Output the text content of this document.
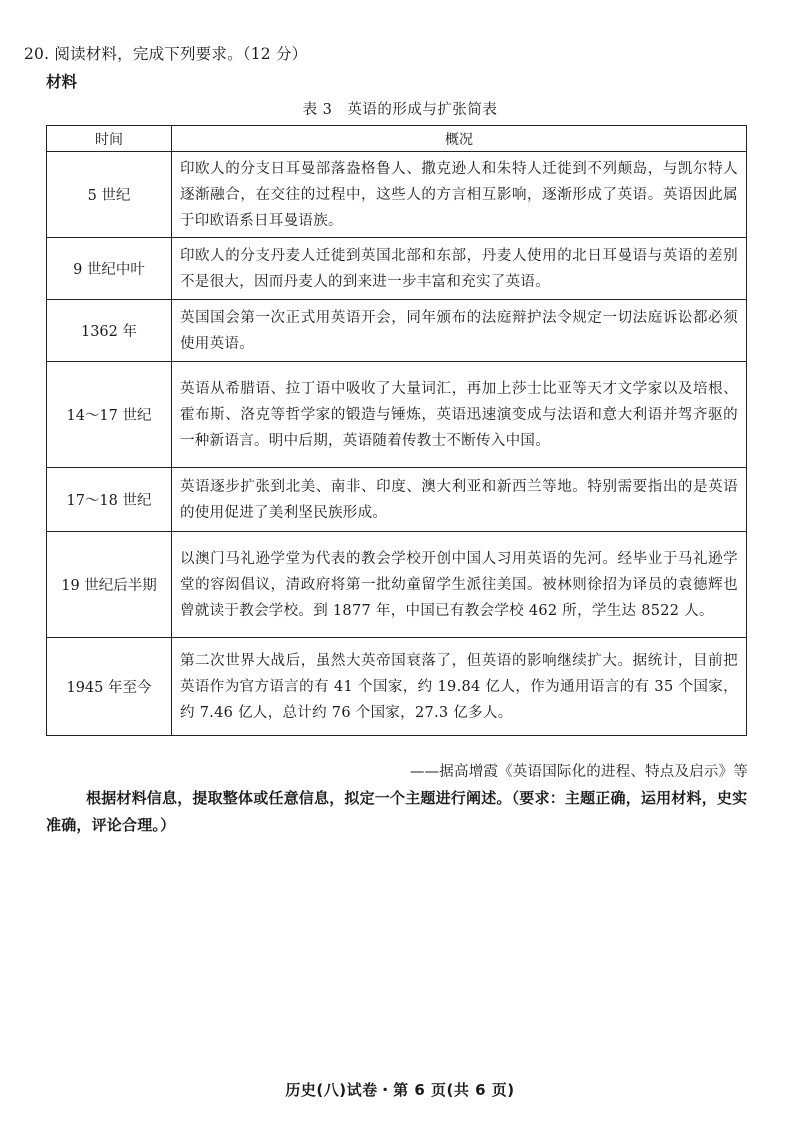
20. 阅读材料，完成下列要求。（12 分）
材料
表 3　英语的形成与扩张简表
时间	概况
5 世纪	印欧人的分支日耳曼部落盎格鲁人、撒克逊人和朱特人迁徙到不列颠岛，与凯尔特人逐渐融合，在交往的过程中，这些人的方言相互影响，逐渐形成了英语。英语因此属于印欧语系日耳曼语族。
9 世纪中叶	印欧人的分支丹麦人迁徙到英国北部和东部，丹麦人使用的北日耳曼语与英语的差别不是很大，因而丹麦人的到来进一步丰富和充实了英语。
1362 年	英国国会第一次正式用英语开会，同年颁布的法庭辩护法令规定一切法庭诉讼都必须使用英语。
14～17 世纪	英语从希腊语、拉丁语中吸收了大量词汇，再加上莎士比亚等天才文学家以及培根、霍布斯、洛克等哲学家的锻造与锤炼，英语迅速演变成与法语和意大利语并驾齐驱的一种新语言。明中后期，英语随着传教士不断传入中国。
17～18 世纪	英语逐步扩张到北美、南非、印度、澳大利亚和新西兰等地。特别需要指出的是英语的使用促进了美利坚民族形成。
19 世纪后半期	以澳门马礼逊学堂为代表的教会学校开创中国人习用英语的先河。经毕业于马礼逊学堂的容闳倡议，清政府将第一批幼童留学生派往美国。被林则徐招为译员的袁德辉也曾就读于教会学校。到 1877 年，中国已有教会学校 462 所，学生达 8522 人。
1945 年至今	第二次世界大战后，虽然大英帝国衰落了，但英语的影响继续扩大。据统计，目前把英语作为官方语言的有 41 个国家，约 19.84 亿人，作为通用语言的有 35 个国家，约 7.46 亿人，总计约 76 个国家，27.3 亿多人。
——据高增霞《英语国际化的进程、特点及启示》等
根据材料信息，提取整体或任意信息，拟定一个主题进行阐述。（要求：主题正确，运用材料，史实准确，评论合理。）
历史(八)试卷・第 6 页(共 6 页)
